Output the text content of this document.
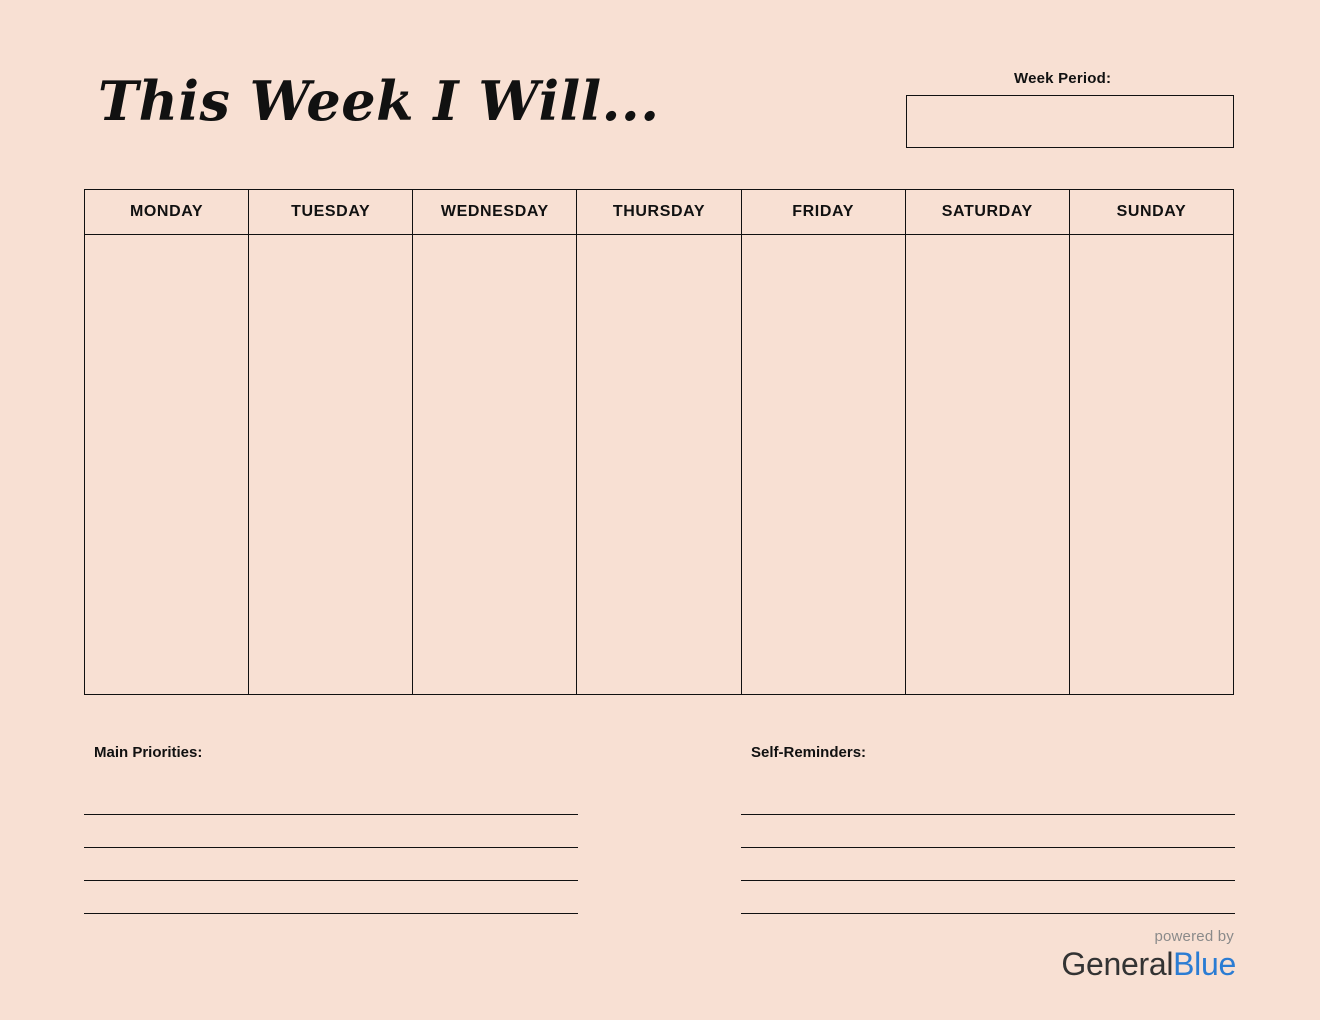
This Week I Will...	Week Period:
MONDAY	TUESDAY	WEDNESDAY	THURSDAY	FRIDAY	SATURDAY	SUNDAY

Main Priorities:	Self-Reminders:
powered by
GeneralBlue
